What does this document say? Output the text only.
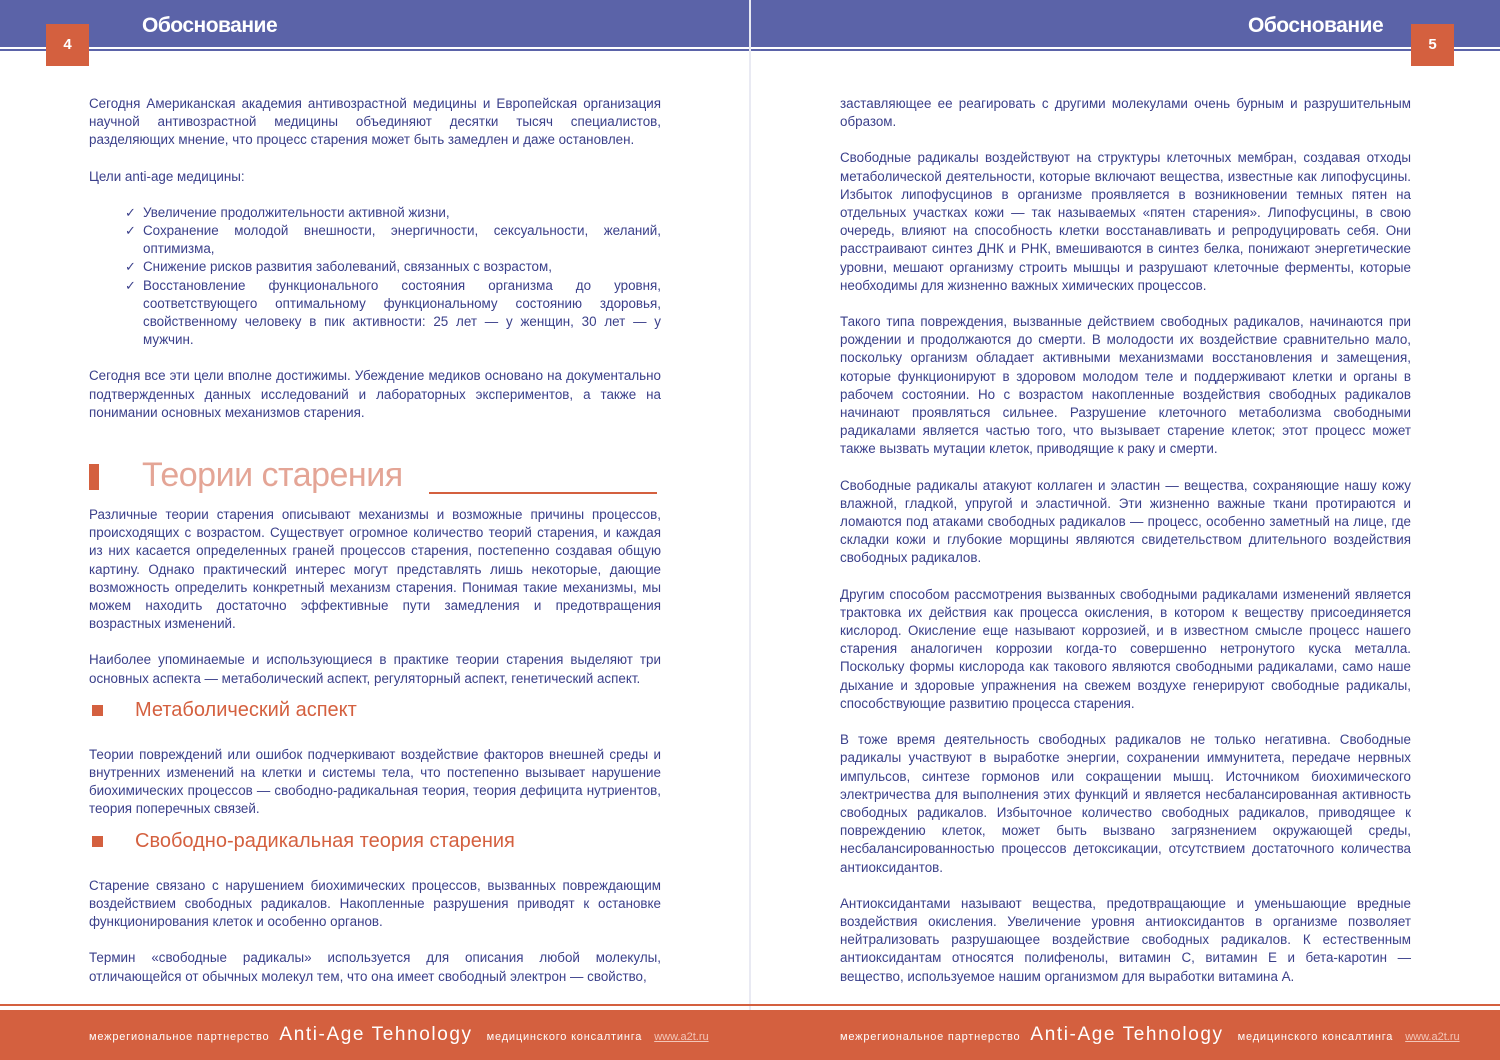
Обоснование	Обоснование
4	5

Сегодня Американская академия антивозрастной медицины и Европейская организация научной антивозрастной медицины объединяют десятки тысяч специалистов, разделяющих мнение, что процесс старения может быть замедлен и даже остановлен.

Цели anti-age медицины:

✓ Увеличение продолжительности активной жизни,
✓ Сохранение молодой внешности, энергичности, сексуальности, желаний, оптимизма,
✓ Снижение рисков развития заболеваний, связанных с возрастом,
✓ Восстановление функционального состояния организма до уровня, соответствующего оптимальному функциональному состоянию здоровья, свойственному человеку в пик активности: 25 лет — у женщин, 30 лет — у мужчин.

Сегодня все эти цели вполне достижимы. Убеждение медиков основано на документально подтвержденных данных исследований и лабораторных экспериментов, а также на понимании основных механизмов старения.

Теории старения

Различные теории старения описывают механизмы и возможные причины процессов, происходящих с возрастом. Существует огромное количество теорий старения, и каждая из них касается определенных граней процессов старения, постепенно создавая общую картину. Однако практический интерес могут представлять лишь некоторые, дающие возможность определить конкретный механизм старения. Понимая такие механизмы, мы можем находить достаточно эффективные пути замедления и предотвращения возрастных изменений.

Наиболее упоминаемые и использующиеся в практике теории старения выделяют три основных аспекта — метаболический аспект, регуляторный аспект, генетический аспект.

Метаболический аспект

Теории повреждений или ошибок подчеркивают воздействие факторов внешней среды и внутренних изменений на клетки и системы тела, что постепенно вызывает нарушение биохимических процессов — свободно-радикальная теория, теория дефицита нутриентов, теория поперечных связей.

Свободно-радикальная теория старения

Старение связано с нарушением биохимических процессов, вызванных повреждающим воздействием свободных радикалов. Накопленные разрушения приводят к остановке функционирования клеток и особенно органов.

Термин «свободные радикалы» используется для описания любой молекулы, отличающейся от обычных молекул тем, что она имеет свободный электрон — свойство,

заставляющее ее реагировать с другими молекулами очень бурным и разрушительным образом.

Свободные радикалы воздействуют на структуры клеточных мембран, создавая отходы метаболической деятельности, которые включают вещества, известные как липофусцины. Избыток липофусцинов в организме проявляется в возникновении темных пятен на отдельных участках кожи — так называемых «пятен старения». Липофусцины, в свою очередь, влияют на способность клетки восстанавливать и репродуцировать себя. Они расстраивают синтез ДНК и РНК, вмешиваются в синтез белка, понижают энергетические уровни, мешают организму строить мышцы и разрушают клеточные ферменты, которые необходимы для жизненно важных химических процессов.

Такого типа повреждения, вызванные действием свободных радикалов, начинаются при рождении и продолжаются до смерти. В молодости их воздействие сравнительно мало, поскольку организм обладает активными механизмами восстановления и замещения, которые функционируют в здоровом молодом теле и поддерживают клетки и органы в рабочем состоянии. Но с возрастом накопленные воздействия свободных радикалов начинают проявляться сильнее. Разрушение клеточного метаболизма свободными радикалами является частью того, что вызывает старение клеток; этот процесс может также вызвать мутации клеток, приводящие к раку и смерти.

Свободные радикалы атакуют коллаген и эластин — вещества, сохраняющие нашу кожу влажной, гладкой, упругой и эластичной. Эти жизненно важные ткани протираются и ломаются под атаками свободных радикалов — процесс, особенно заметный на лице, где складки кожи и глубокие морщины являются свидетельством длительного воздействия свободных радикалов.

Другим способом рассмотрения вызванных свободными радикалами изменений является трактовка их действия как процесса окисления, в котором к веществу присоединяется кислород. Окисление еще называют коррозией, и в известном смысле процесс нашего старения аналогичен коррозии когда-то совершенно нетронутого куска металла. Поскольку формы кислорода как такового являются свободными радикалами, само наше дыхание и здоровые упражнения на свежем воздухе генерируют свободные радикалы, способствующие развитию процесса старения.

В тоже время деятельность свободных радикалов не только негативна. Свободные радикалы участвуют в выработке энергии, сохранении иммунитета, передаче нервных импульсов, синтезе гормонов или сокращении мышц. Источником биохимического электричества для выполнения этих функций и является несбалансированная активность свободных радикалов. Избыточное количество свободных радикалов, приводящее к повреждению клеток, может быть вызвано загрязнением окружающей среды, несбалансированностью процессов детоксикации, отсутствием достаточного количества антиоксидантов.

Антиоксидантами называют вещества, предотвращающие и уменьшающие вредные воздействия окисления. Увеличение уровня антиоксидантов в организме позволяет нейтрализовать разрушающее воздействие свободных радикалов. К естественным антиоксидантам относятся полифенолы, витамин С, витамин Е и бета-каротин — вещество, используемое нашим организмом для выработки витамина А.

межрегиональное партнерство Anti-Age Tehnology медицинского консалтинга www.a2t.ru	межрегиональное партнерство Anti-Age Tehnology медицинского консалтинга www.a2t.ru
